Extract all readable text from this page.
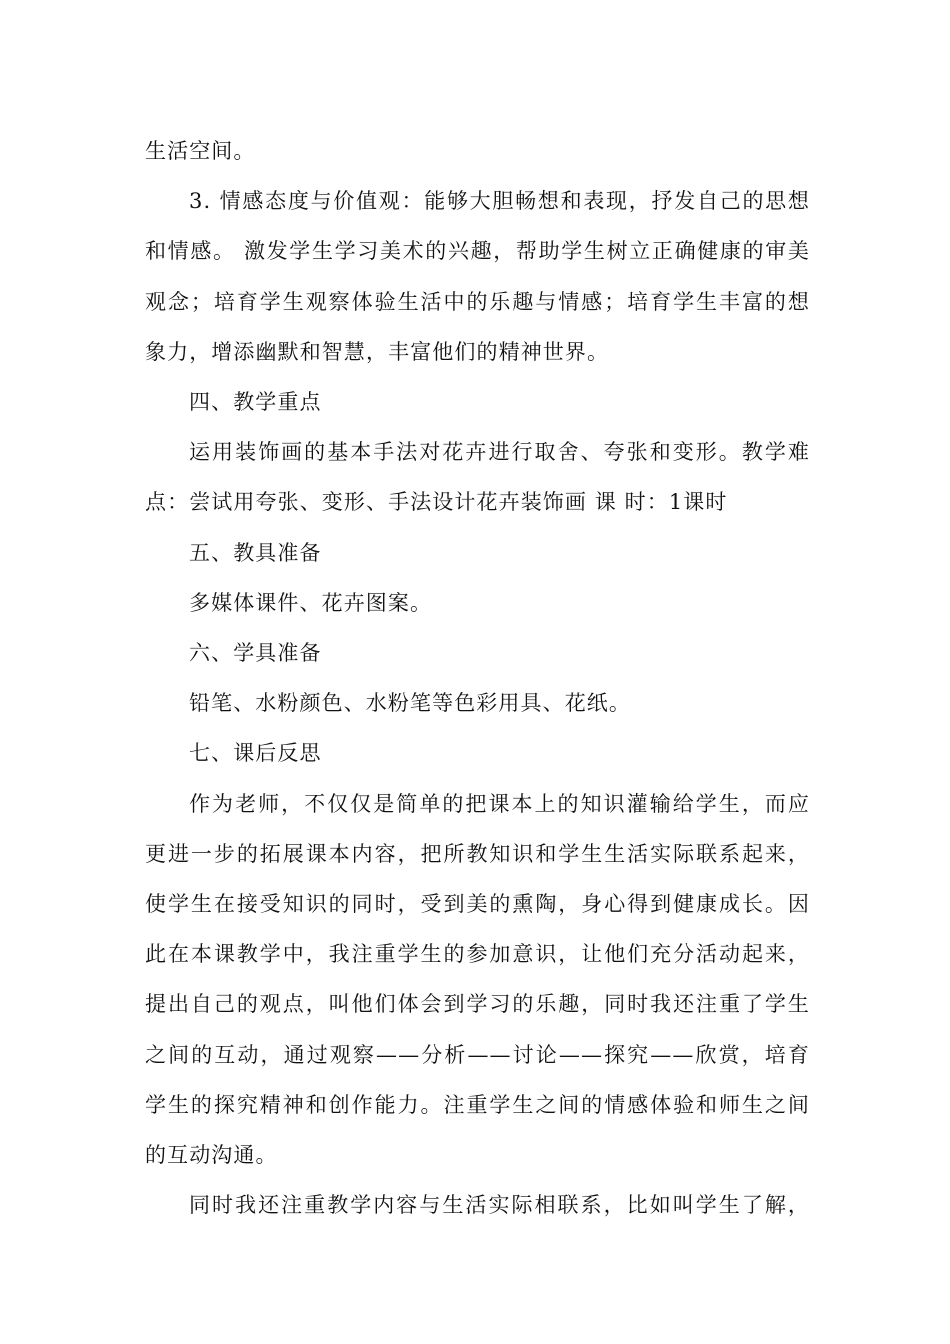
生活空间。
3. 情感态度与价值观：能够大胆畅想和表现，抒发自己的思想
和情感。 激发学生学习美术的兴趣，帮助学生树立正确健康的审美
观念；培育学生观察体验生活中的乐趣与情感；培育学生丰富的想
象力，增添幽默和智慧，丰富他们的精神世界。
四、教学重点
运用装饰画的基本手法对花卉进行取舍、夸张和变形。教学难
点：尝试用夸张、变形、手法设计花卉装饰画 课 时：1课时
五、教具准备
多媒体课件、花卉图案。
六、学具准备
铅笔、水粉颜色、水粉笔等色彩用具、花纸。
七、课后反思
作为老师，不仅仅是简单的把课本上的知识灌输给学生，而应
更进一步的拓展课本内容，把所教知识和学生生活实际联系起来，
使学生在接受知识的同时，受到美的熏陶，身心得到健康成长。因
此在本课教学中，我注重学生的参加意识，让他们充分活动起来，
提出自己的观点，叫他们体会到学习的乐趣，同时我还注重了学生
之间的互动，通过观察——分析——讨论——探究——欣赏，培育
学生的探究精神和创作能力。注重学生之间的情感体验和师生之间
的互动沟通。
同时我还注重教学内容与生活实际相联系，比如叫学生了解，
